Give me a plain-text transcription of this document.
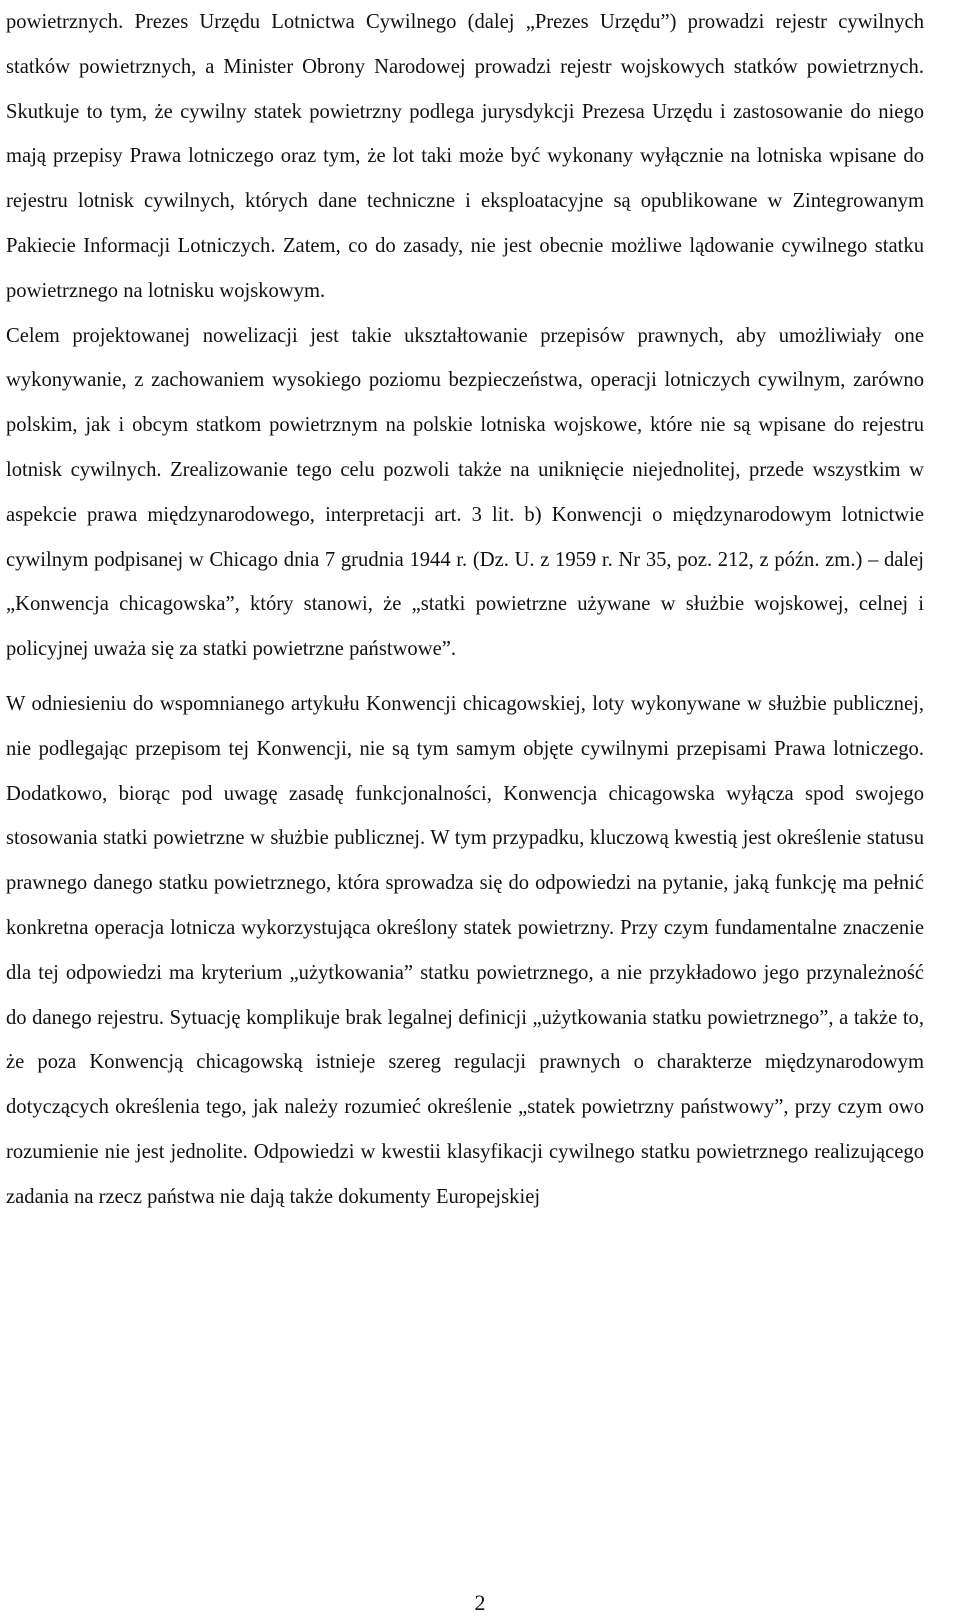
powietrznych. Prezes Urzędu Lotnictwa Cywilnego (dalej „Prezes Urzędu”) prowadzi rejestr cywilnych statków powietrznych, a Minister Obrony Narodowej prowadzi rejestr wojskowych statków powietrznych. Skutkuje to tym, że cywilny statek powietrzny podlega jurysdykcji Prezesa Urzędu i zastosowanie do niego mają przepisy Prawa lotniczego oraz tym, że lot taki może być wykonany wyłącznie na lotniska wpisane do rejestru lotnisk cywilnych, których dane techniczne i eksploatacyjne są opublikowane w Zintegrowanym Pakiecie Informacji Lotniczych. Zatem, co do zasady, nie jest obecnie możliwe lądowanie cywilnego statku powietrznego na lotnisku wojskowym.

Celem projektowanej nowelizacji jest takie ukształtowanie przepisów prawnych, aby umożliwiały one wykonywanie, z zachowaniem wysokiego poziomu bezpieczeństwa, operacji lotniczych cywilnym, zarówno polskim, jak i obcym statkom powietrznym na polskie lotniska wojskowe, które nie są wpisane do rejestru lotnisk cywilnych. Zrealizowanie tego celu pozwoli także na uniknięcie niejednolitej, przede wszystkim w aspekcie prawa międzynarodowego, interpretacji art. 3 lit. b) Konwencji o międzynarodowym lotnictwie cywilnym podpisanej w Chicago dnia 7 grudnia 1944 r. (Dz. U. z 1959 r. Nr 35, poz. 212, z późn. zm.) – dalej „Konwencja chicagowska”, który stanowi, że „statki powietrzne używane w służbie wojskowej, celnej i policyjnej uważa się za statki powietrzne państwowe”.

W odniesieniu do wspomnianego artykułu Konwencji chicagowskiej, loty wykonywane w służbie publicznej, nie podlegając przepisom tej Konwencji, nie są tym samym objęte cywilnymi przepisami Prawa lotniczego. Dodatkowo, biorąc pod uwagę zasadę funkcjonalności, Konwencja chicagowska wyłącza spod swojego stosowania statki powietrzne w służbie publicznej. W tym przypadku, kluczową kwestią jest określenie statusu prawnego danego statku powietrznego, która sprowadza się do odpowiedzi na pytanie, jaką funkcję ma pełnić konkretna operacja lotnicza wykorzystująca określony statek powietrzny. Przy czym fundamentalne znaczenie dla tej odpowiedzi ma kryterium „użytkowania” statku powietrznego, a nie przykładowo jego przynależność do danego rejestru. Sytuację komplikuje brak legalnej definicji „użytkowania statku powietrznego”, a także to, że poza Konwencją chicagowską istnieje szereg regulacji prawnych o charakterze międzynarodowym dotyczących określenia tego, jak należy rozumieć określenie „statek powietrzny państwowy”, przy czym owo rozumienie nie jest jednolite. Odpowiedzi w kwestii klasyfikacji cywilnego statku powietrznego realizującego zadania na rzecz państwa nie dają także dokumenty Europejskiej

2
